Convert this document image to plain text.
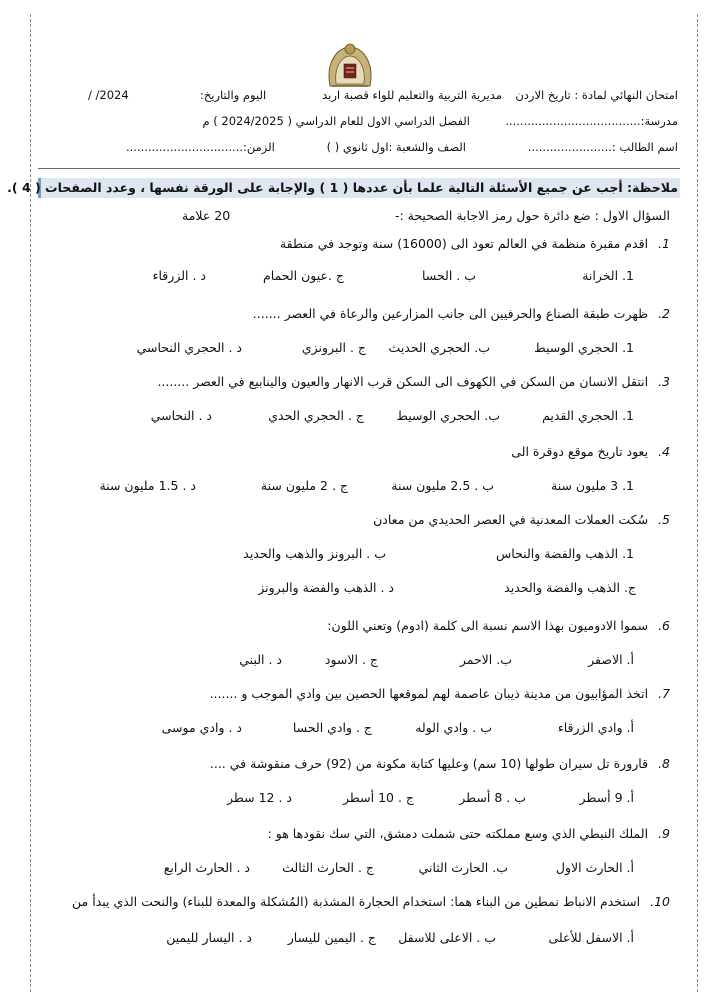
امتحان النهائي لمادة : تاريخ الاردن
مديرية التربية والتعليم للواء قصبة اربد
اليوم والتاريخ:
/ /2024
مدرسة:.....................................
الفصل الدراسي الاول للعام الدراسي ( 2024/2025 ) م
اسم الطالب :.......................
الصف والشعبة :اول ثانوي ( )
الزمن:................................
ملاحظة: أجب عن جميع الأسئلة التالية علما بأن عددها ( 1 ) والإجابة على الورقة نفسها ، وعدد الصفحات ( 4 ).
السؤال الاول : ضع دائرة حول رمز الاجابة الصحيحة :-
20 علامة
1.اقدم مقبرة منظمة في العالم تعود الى (16000) سنة وتوجد في منطقة
1. الخرانة
ب . الحسا
ج .عيون الحمام
د . الزرقاء
2.ظهرت طبقة الصناع والحرفيين الى جانب المزارعين والرعاة في العصر .......
1. الحجري الوسيط
ب. الحجري الحديث
ج . البرونزي
د . الحجري النحاسي
3.انتقل الانسان من السكن في الكهوف الى السكن قرب الانهار والعيون والينابيع في العصر ........
1. الحجري القديم
ب. الحجري الوسيط
ج . الحجري الحدي
د . النحاسي
4.يعود تاريخ موقع دوقرة الى
1. 3 مليون سنة
ب . 2.5 مليون سنة
ج . 2 مليون سنة
د . 1.5 مليون سنة
5.سُكت العملات المعدنية في العصر الحديدي من معادن
1. الذهب والفضة والنحاس
ب . البرونز والذهب والحديد
ج. الذهب والفضة والحديد
د . الذهب والفضة والبرونز
6.سموا الادوميون بهذا الاسم نسبة الى كلمة (ادوم) وتعني اللون:
أ. الاصفر
ب. الاحمر
ج . الاسود
د . البني
7.اتخذ المؤابيون من مدينة ذيبان عاصمة لهم لموقعها الحصين بين وادي الموجب و .......
أ. وادي الزرقاء
ب . وادي الوله
ج . وادي الحسا
د . وادي موسى
8.قارورة تل سيران طولها (10 سم) وعليها كتابة مكونة من (92) حرف منقوشة في ....
أ. 9 أسطر
ب . 8 أسطر
ج . 10 أسطر
د . 12 سطر
9.الملك النبطي الذي وسع مملكته حتى شملت دمشق، التي سك نقودها هو :
أ. الحارث الاول
ب. الحارث الثاني
ج . الحارث الثالث
د . الحارث الرابع
10.استخدم الانباط نمطين من البناء هما: استخدام الحجارة المشذبة (المُشكلة والمعدة للبناء) والنحت الذي يبدأ من
أ. الاسفل للأعلى
ب . الاعلى للاسفل
ج . اليمين لليسار
د . اليسار لليمين
